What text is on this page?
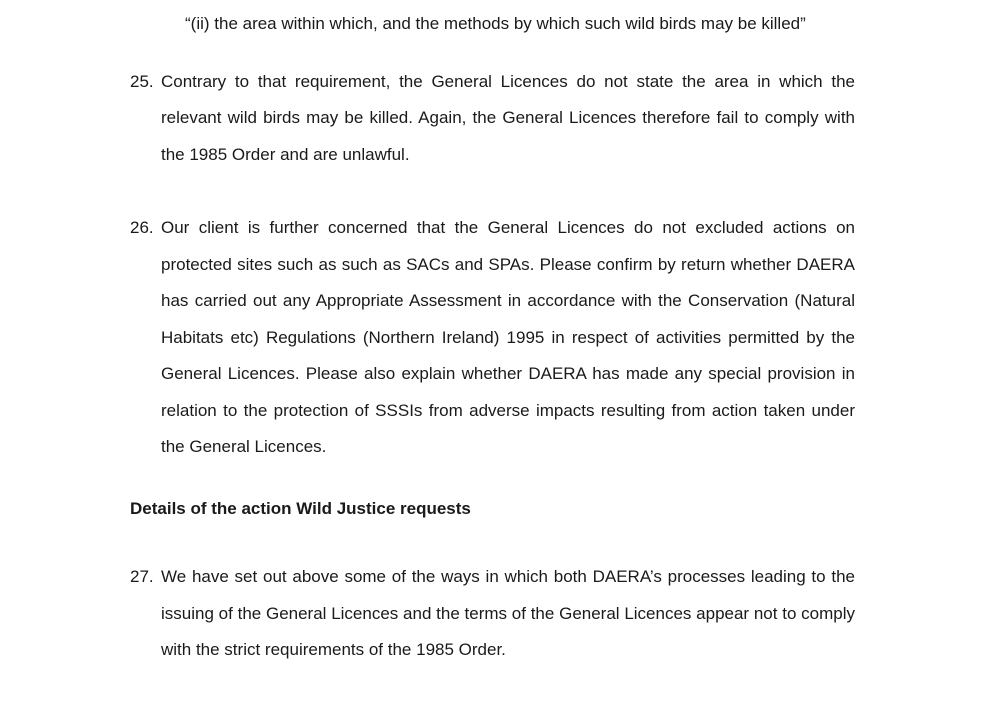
“(ii) the area within which, and the methods by which such wild birds may be killed”
25. Contrary to that requirement, the General Licences do not state the area in which the relevant wild birds may be killed. Again, the General Licences therefore fail to comply with the 1985 Order and are unlawful.
26. Our client is further concerned that the General Licences do not excluded actions on protected sites such as such as SACs and SPAs. Please confirm by return whether DAERA has carried out any Appropriate Assessment in accordance with the Conservation (Natural Habitats etc) Regulations (Northern Ireland) 1995 in respect of activities permitted by the General Licences. Please also explain whether DAERA has made any special provision in relation to the protection of SSSIs from adverse impacts resulting from action taken under the General Licences.
Details of the action Wild Justice requests
27. We have set out above some of the ways in which both DAERA’s processes leading to the issuing of the General Licences and the terms of the General Licences appear not to comply with the strict requirements of the 1985 Order.
